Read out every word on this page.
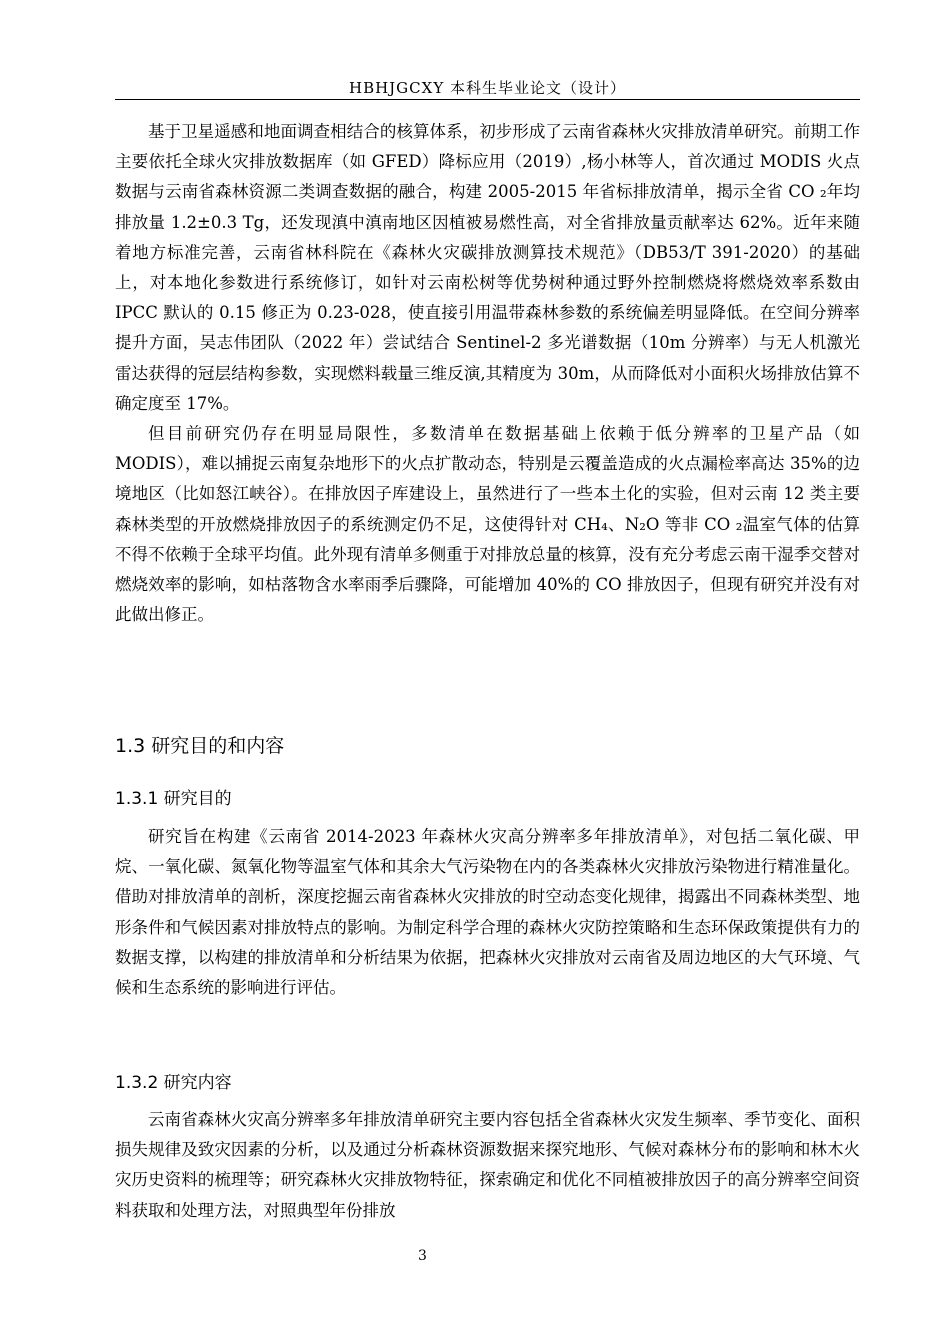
HBHJGCXY 本科生毕业论文（设计）

基于卫星遥感和地面调查相结合的核算体系，初步形成了云南省森林火灾排放清单研究。前期工作主要依托全球火灾排放数据库（如 GFED）降标应用（2019）,杨小林等人，首次通过 MODIS 火点数据与云南省森林资源二类调查数据的融合，构建 2005-2015 年省标排放清单，揭示全省 CO ₂年均排放量 1.2±0.3 Tg，还发现滇中滇南地区因植被易燃性高，对全省排放量贡献率达 62%。近年来随着地方标准完善，云南省林科院在《森林火灾碳排放测算技术规范》（DB53/T 391-2020）的基础上，对本地化参数进行系统修订，如针对云南松树等优势树种通过野外控制燃烧将燃烧效率系数由 IPCC 默认的 0.15 修正为 0.23-028，使直接引用温带森林参数的系统偏差明显降低。在空间分辨率提升方面，吴志伟团队（2022 年）尝试结合 Sentinel-2 多光谱数据（10m 分辨率）与无人机激光雷达获得的冠层结构参数，实现燃料载量三维反演,其精度为 30m，从而降低对小面积火场排放估算不确定度至 17%。

但目前研究仍存在明显局限性，多数清单在数据基础上依赖于低分辨率的卫星产品（如 MODIS），难以捕捉云南复杂地形下的火点扩散动态，特别是云覆盖造成的火点漏检率高达 35%的边境地区（比如怒江峡谷）。在排放因子库建设上，虽然进行了一些本土化的实验，但对云南 12 类主要森林类型的开放燃烧排放因子的系统测定仍不足，这使得针对 CH₄、N₂O 等非 CO ₂温室气体的估算不得不依赖于全球平均值。此外现有清单多侧重于对排放总量的核算，没有充分考虑云南干湿季交替对燃烧效率的影响，如枯落物含水率雨季后骤降，可能增加 40%的 CO 排放因子，但现有研究并没有对此做出修正。

1.3 研究目的和内容
1.3.1 研究目的

研究旨在构建《云南省 2014-2023 年森林火灾高分辨率多年排放清单》，对包括二氧化碳、甲烷、一氧化碳、氮氧化物等温室气体和其余大气污染物在内的各类森林火灾排放污染物进行精准量化。借助对排放清单的剖析，深度挖掘云南省森林火灾排放的时空动态变化规律，揭露出不同森林类型、地形条件和气候因素对排放特点的影响。为制定科学合理的森林火灾防控策略和生态环保政策提供有力的数据支撑，以构建的排放清单和分析结果为依据，把森林火灾排放对云南省及周边地区的大气环境、气候和生态系统的影响进行评估。

1.3.2 研究内容

云南省森林火灾高分辨率多年排放清单研究主要内容包括全省森林火灾发生频率、季节变化、面积损失规律及致灾因素的分析，以及通过分析森林资源数据来探究地形、气候对森林分布的影响和林木火灾历史资料的梳理等；研究森林火灾排放物特征，探索确定和优化不同植被排放因子的高分辨率空间资料获取和处理方法，对照典型年份排放

3
